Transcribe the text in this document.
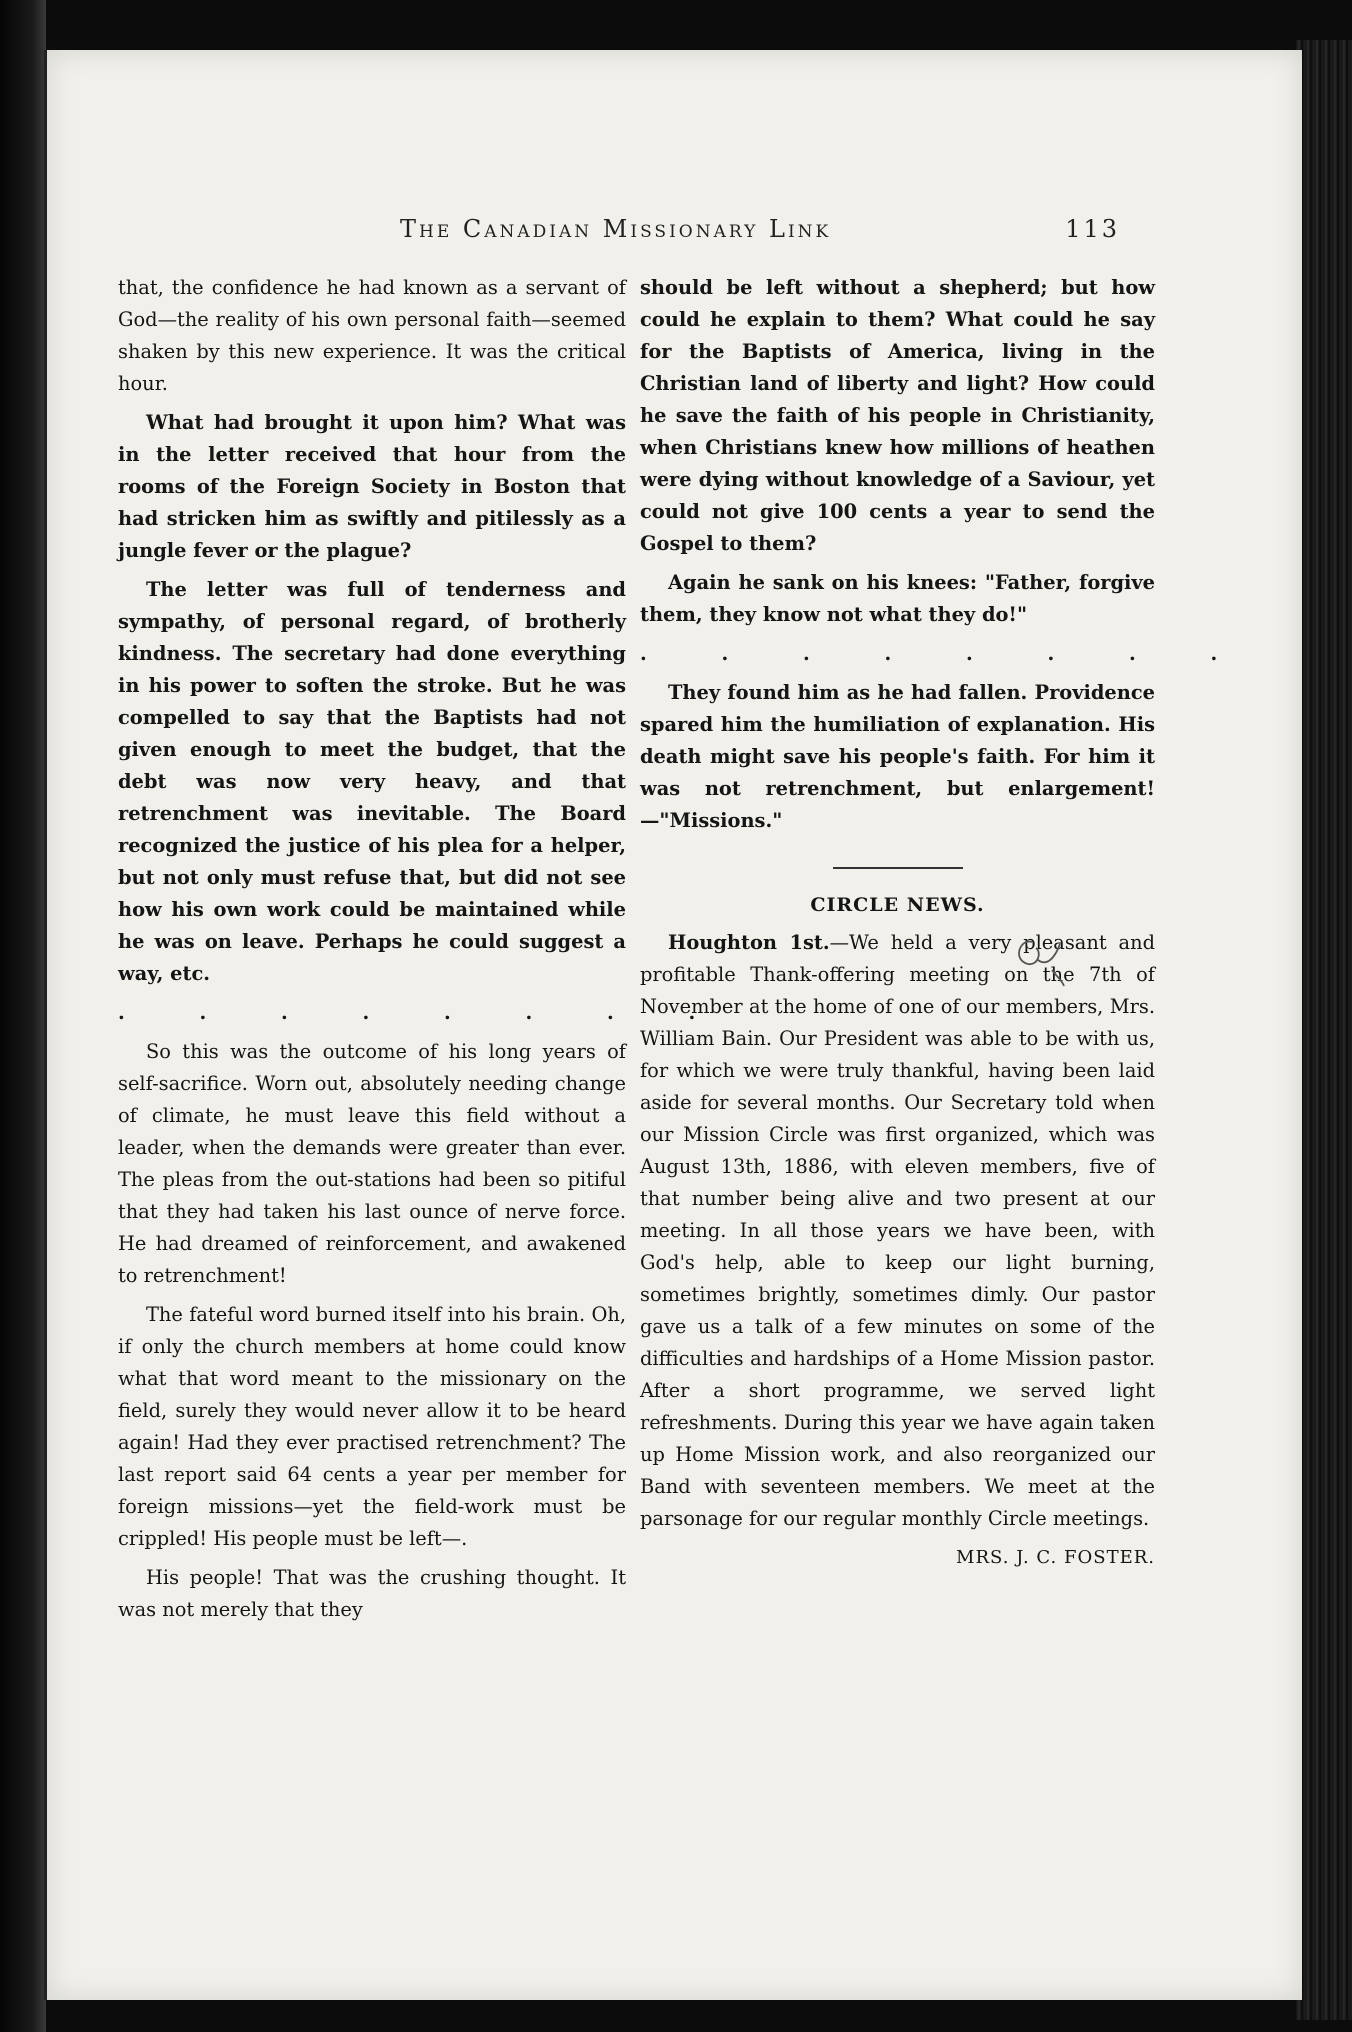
The Canadian Missionary Link	113

that, the confidence he had known as a servant of God—the reality of his own personal faith—seemed shaken by this new experience. It was the critical hour.

What had brought it upon him? What was in the letter received that hour from the rooms of the Foreign Society in Boston that had stricken him as swiftly and pitilessly as a jungle fever or the plague?

The letter was full of tenderness and sympathy, of personal regard, of brotherly kindness. The secretary had done everything in his power to soften the stroke. But he was compelled to say that the Baptists had not given enough to meet the budget, that the debt was now very heavy, and that retrenchment was inevitable. The Board recognized the justice of his plea for a helper, but not only must refuse that, but did not see how his own work could be maintained while he was on leave. Perhaps he could suggest a way, etc.

. . . . . . . .

So this was the outcome of his long years of self-sacrifice. Worn out, absolutely needing change of climate, he must leave this field without a leader, when the demands were greater than ever. The pleas from the out-stations had been so pitiful that they had taken his last ounce of nerve force. He had dreamed of reinforcement, and awakened to retrenchment!

The fateful word burned itself into his brain. Oh, if only the church members at home could know what that word meant to the missionary on the field, surely they would never allow it to be heard again! Had they ever practised retrenchment? The last report said 64 cents a year per member for foreign missions—yet the field-work must be crippled! His people must be left—.

His people! That was the crushing thought. It was not merely that they

should be left without a shepherd; but how could he explain to them? What could he say for the Baptists of America, living in the Christian land of liberty and light? How could he save the faith of his people in Christianity, when Christians knew how millions of heathen were dying without knowledge of a Saviour, yet could not give 100 cents a year to send the Gospel to them?

Again he sank on his knees: "Father, forgive them, they know not what they do!"

. . . . . . . .

They found him as he had fallen. Providence spared him the humiliation of explanation. His death might save his people's faith. For him it was not retrenchment, but enlargement!—"Missions."

CIRCLE NEWS.

Houghton 1st.—We held a very pleasant and profitable Thank-offering meeting on the 7th of November at the home of one of our members, Mrs. William Bain. Our President was able to be with us, for which we were truly thankful, having been laid aside for several months. Our Secretary told when our Mission Circle was first organized, which was August 13th, 1886, with eleven members, five of that number being alive and two present at our meeting. In all those years we have been, with God's help, able to keep our light burning, sometimes brightly, sometimes dimly. Our pastor gave us a talk of a few minutes on some of the difficulties and hardships of a Home Mission pastor. After a short programme, we served light refreshments. During this year we have again taken up Home Mission work, and also reorganized our Band with seventeen members. We meet at the parsonage for our regular monthly Circle meetings.

MRS. J. C. FOSTER.
